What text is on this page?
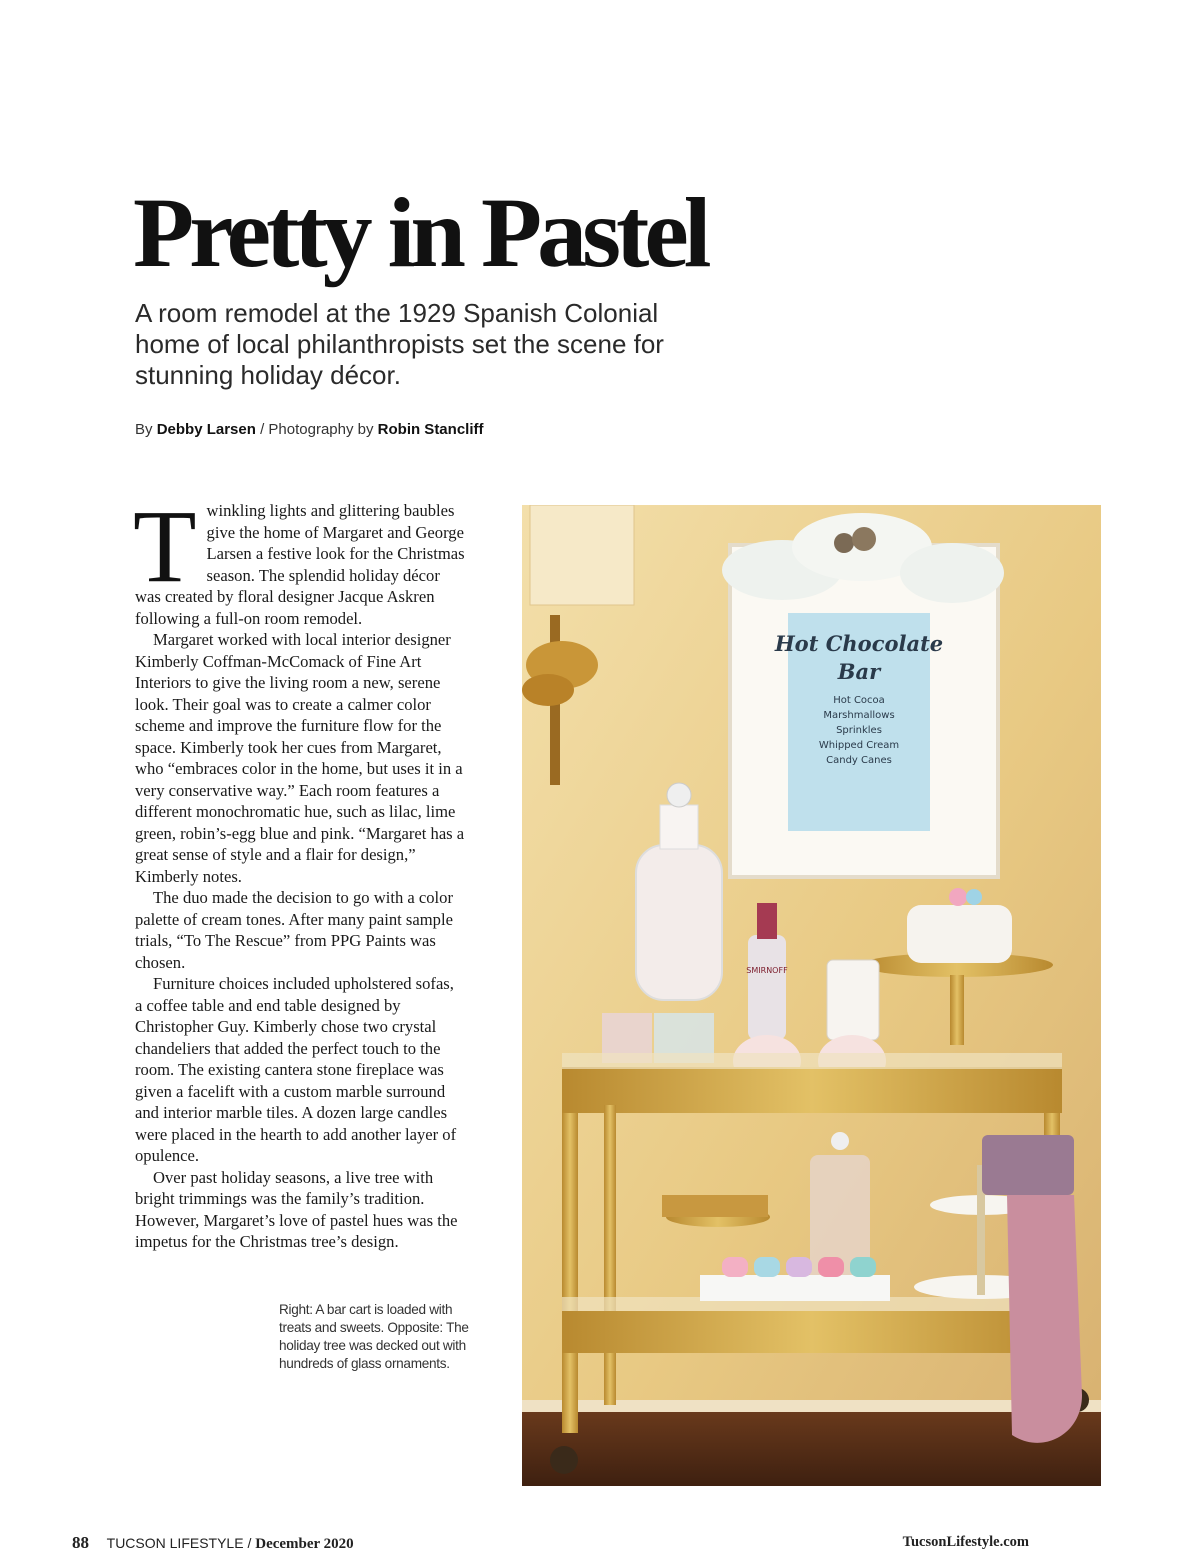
Pretty in Pastel

A room remodel at the 1929 Spanish Colonial home of local philanthropists set the scene for stunning holiday décor.

By Debby Larsen / Photography by Robin Stancliff

Twinkling lights and glittering baubles give the home of Margaret and George Larsen a festive look for the Christmas season. The splendid holiday décor was created by floral designer Jacque Askren following a full-on room remodel.

Margaret worked with local interior designer Kimberly Coffman-McComack of Fine Art Interiors to give the living room a new, serene look. Their goal was to create a calmer color scheme and improve the furniture flow for the space. Kimberly took her cues from Margaret, who “embraces color in the home, but uses it in a very conservative way.” Each room features a different monochromatic hue, such as lilac, lime green, robin’s-egg blue and pink. “Margaret has a great sense of style and a flair for design,” Kimberly notes.

The duo made the decision to go with a color palette of cream tones. After many paint sample trials, “To The Rescue” from PPG Paints was chosen.

Furniture choices included upholstered sofas, a coffee table and end table designed by Christopher Guy. Kimberly chose two crystal chandeliers that added the perfect touch to the room. The existing cantera stone fireplace was given a facelift with a custom marble surround and interior marble tiles. A dozen large candles were placed in the hearth to add another layer of opulence.

Over past holiday seasons, a live tree with bright trimmings was the family’s tradition. However, Margaret’s love of pastel hues was the impetus for the Christmas tree’s design.

Right: A bar cart is loaded with treats and sweets. Opposite: The holiday tree was decked out with hundreds of glass ornaments.
Hot Chocolate
Bar
Hot Cocoa
Marshmallows
Sprinkles
Whipped Cream
Candy Canes
SMIRNOFF
88 TUCSON LIFESTYLE / December 2020	TucsonLifestyle.com
